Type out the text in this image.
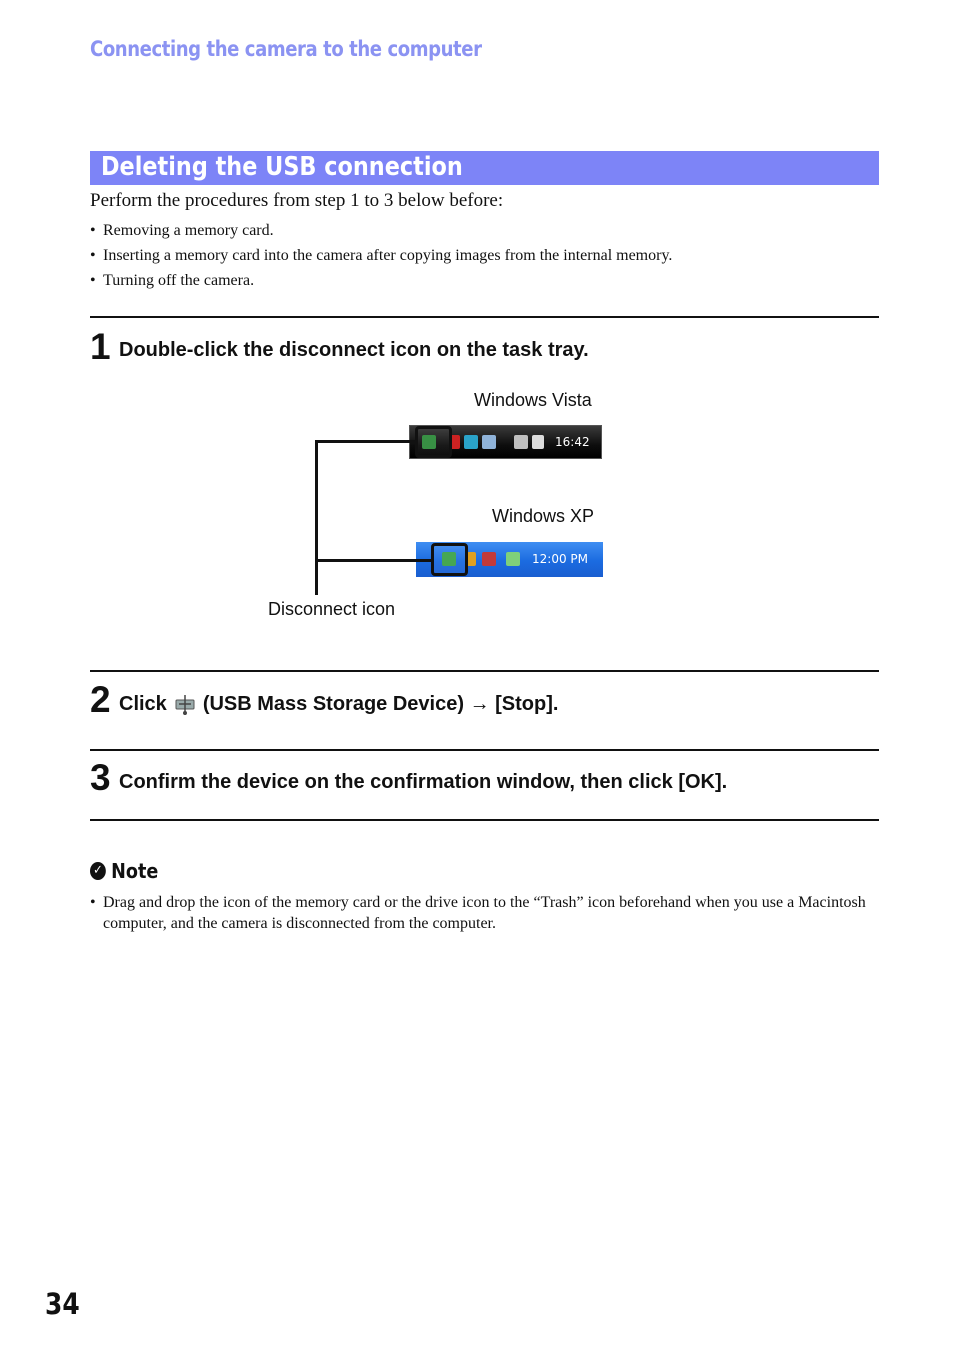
Connecting the camera to the computer
Deleting the USB connection
Perform the procedures from step 1 to 3 below before:
• Removing a memory card.
• Inserting a memory card into the camera after copying images from the internal memory.
• Turning off the camera.
1 Double-click the disconnect icon on the task tray.
Windows Vista
16:42
Windows XP
12:00 PM
Disconnect icon
2 Click (USB Mass Storage Device) → [Stop].
3 Confirm the device on the confirmation window, then click [OK].
✓ Note
• Drag and drop the icon of the memory card or the drive icon to the “Trash” icon beforehand when you use a Macintosh computer, and the camera is disconnected from the computer.
34
